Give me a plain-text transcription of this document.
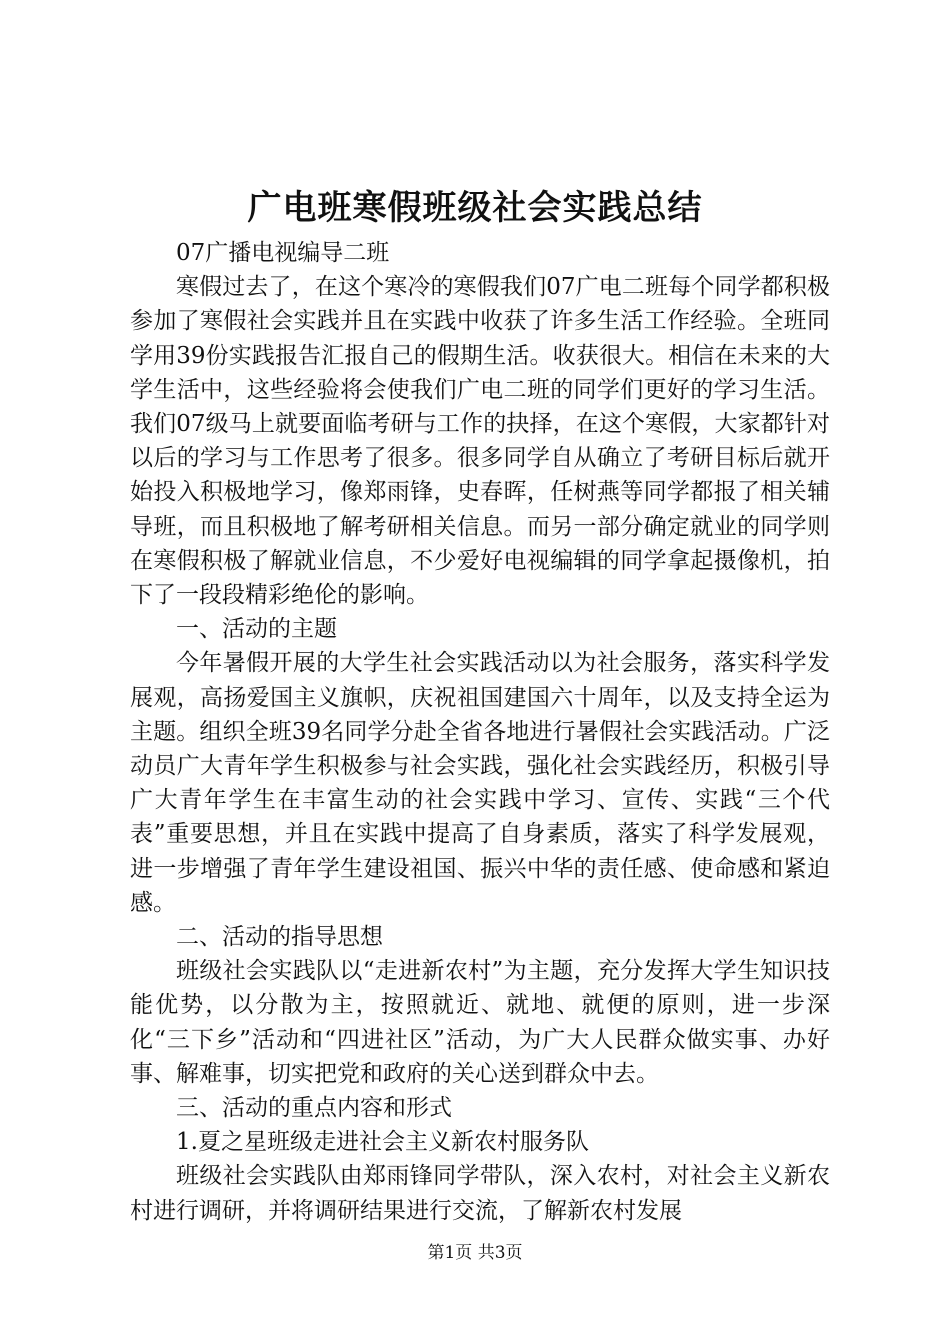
广电班寒假班级社会实践总结

07广播电视编导二班

寒假过去了，在这个寒冷的寒假我们07广电二班每个同学都积极参加了寒假社会实践并且在实践中收获了许多生活工作经验。全班同学用39份实践报告汇报自己的假期生活。收获很大。相信在未来的大学生活中，这些经验将会使我们广电二班的同学们更好的学习生活。我们07级马上就要面临考研与工作的抉择，在这个寒假，大家都针对以后的学习与工作思考了很多。很多同学自从确立了考研目标后就开始投入积极地学习，像郑雨锋，史春晖，任树燕等同学都报了相关辅导班，而且积极地了解考研相关信息。而另一部分确定就业的同学则在寒假积极了解就业信息，不少爱好电视编辑的同学拿起摄像机，拍下了一段段精彩绝伦的影响。

一、活动的主题

今年暑假开展的大学生社会实践活动以为社会服务，落实科学发展观，高扬爱国主义旗帜，庆祝祖国建国六十周年，以及支持全运为主题。组织全班39名同学分赴全省各地进行暑假社会实践活动。广泛动员广大青年学生积极参与社会实践，强化社会实践经历，积极引导广大青年学生在丰富生动的社会实践中学习、宣传、实践“三个代表”重要思想，并且在实践中提高了自身素质，落实了科学发展观，进一步增强了青年学生建设祖国、振兴中华的责任感、使命感和紧迫感。

二、活动的指导思想

班级社会实践队以“走进新农村”为主题，充分发挥大学生知识技能优势，以分散为主，按照就近、就地、就便的原则，进一步深化“三下乡”活动和“四进社区”活动，为广大人民群众做实事、办好事、解难事，切实把党和政府的关心送到群众中去。

三、活动的重点内容和形式

1.夏之星班级走进社会主义新农村服务队

班级社会实践队由郑雨锋同学带队，深入农村，对社会主义新农村进行调研，并将调研结果进行交流，了解新农村发展

第1页 共3页
